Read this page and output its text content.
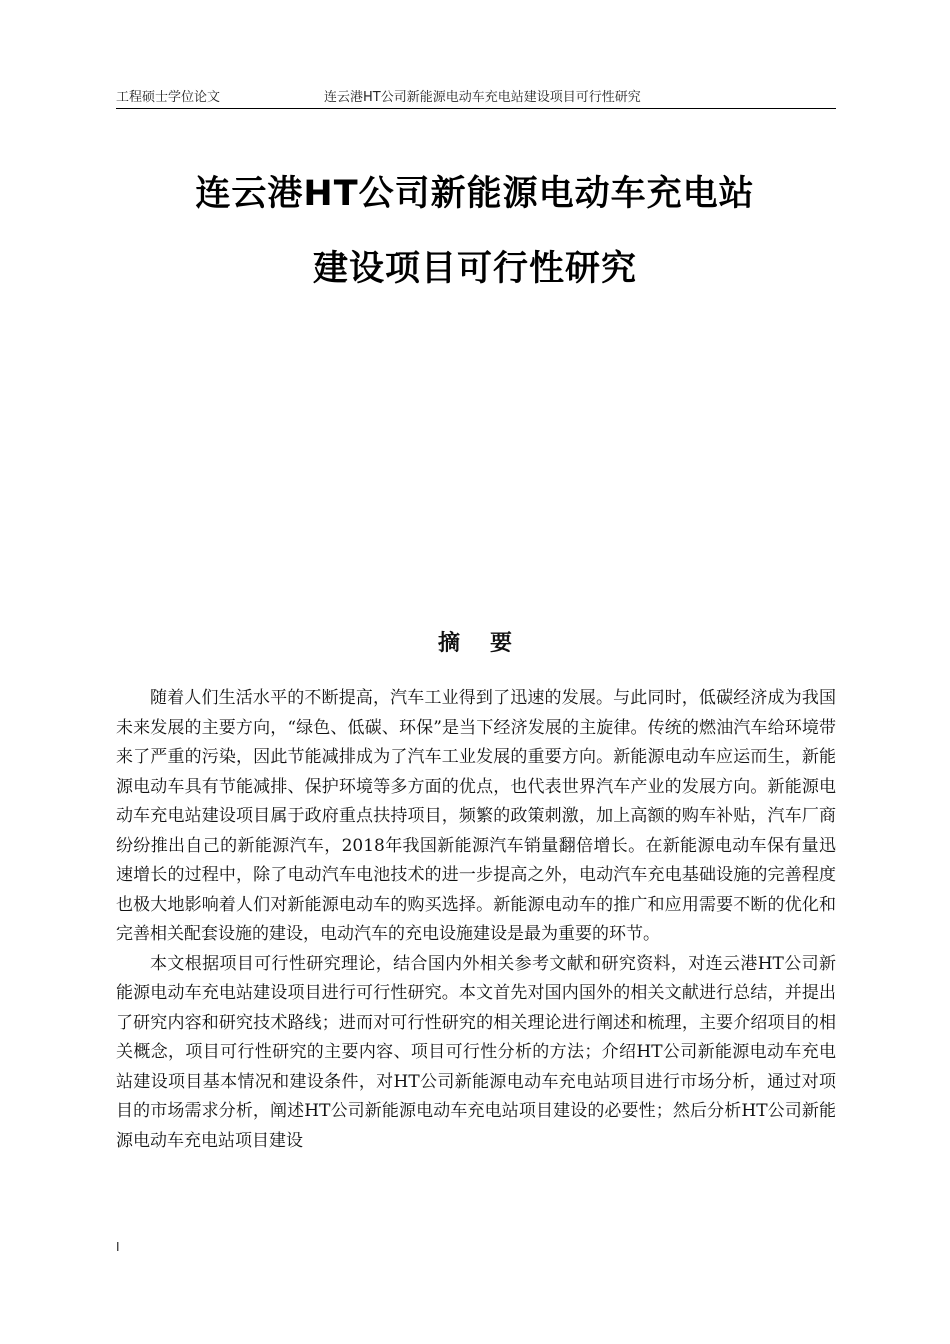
工程硕士学位论文	连云港HT公司新能源电动车充电站建设项目可行性研究
连云港HT公司新能源电动车充电站
建设项目可行性研究
摘 要

随着人们生活水平的不断提高，汽车工业得到了迅速的发展。与此同时，低碳经济成为我国未来发展的主要方向，“绿色、低碳、环保”是当下经济发展的主旋律。传统的燃油汽车给环境带来了严重的污染，因此节能减排成为了汽车工业发展的重要方向。新能源电动车应运而生，新能源电动车具有节能减排、保护环境等多方面的优点，也代表世界汽车产业的发展方向。新能源电动车充电站建设项目属于政府重点扶持项目，频繁的政策刺激，加上高额的购车补贴，汽车厂商纷纷推出自己的新能源汽车，2018年我国新能源汽车销量翻倍增长。在新能源电动车保有量迅速增长的过程中，除了电动汽车电池技术的进一步提高之外，电动汽车充电基础设施的完善程度也极大地影响着人们对新能源电动车的购买选择。新能源电动车的推广和应用需要不断的优化和完善相关配套设施的建设，电动汽车的充电设施建设是最为重要的环节。

本文根据项目可行性研究理论，结合国内外相关参考文献和研究资料，对连云港HT公司新能源电动车充电站建设项目进行可行性研究。本文首先对国内国外的相关文献进行总结，并提出了研究内容和研究技术路线；进而对可行性研究的相关理论进行阐述和梳理，主要介绍项目的相关概念，项目可行性研究的主要内容、项目可行性分析的方法；介绍HT公司新能源电动车充电站建设项目基本情况和建设条件，对HT公司新能源电动车充电站项目进行市场分析，通过对项目的市场需求分析，阐述HT公司新能源电动车充电站项目建设的必要性；然后分析HT公司新能源电动车充电站项目建设

I
